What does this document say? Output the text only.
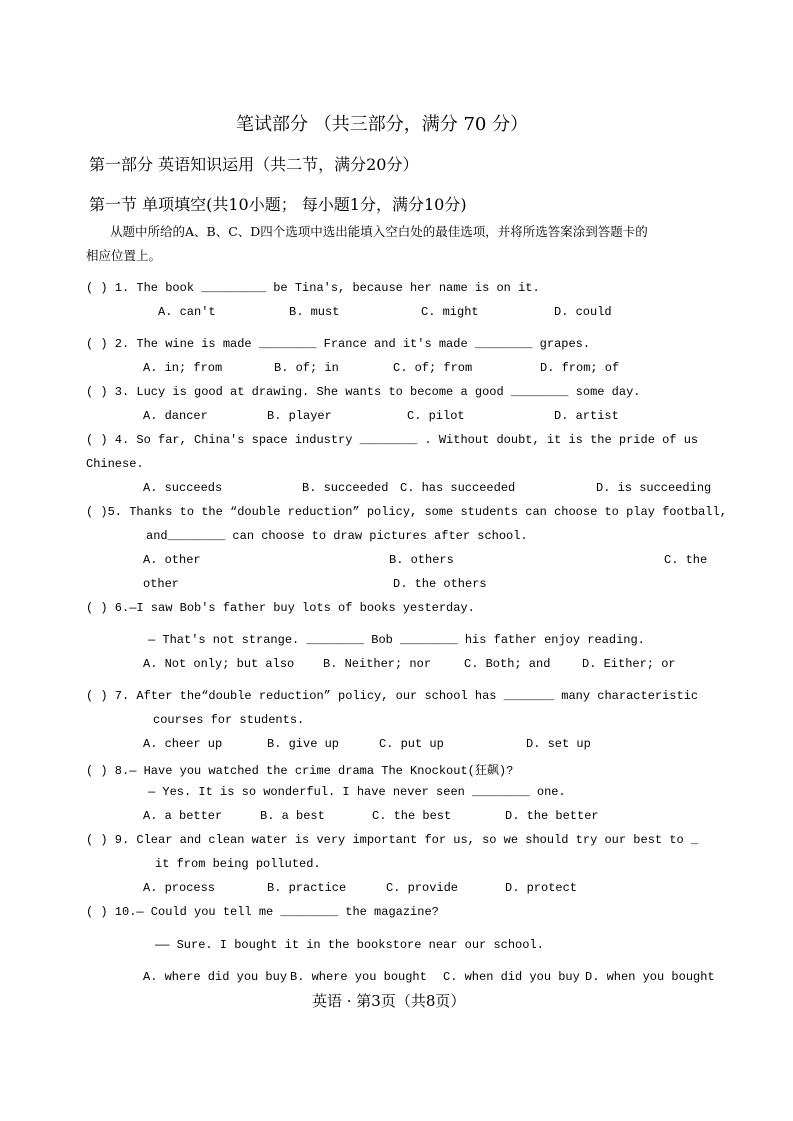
笔试部分 （共三部分，满分 70 分）
第一部分 英语知识运用（共二节，满分20分）
第一节 单项填空(共10小题； 每小题1分，满分10分)
从题中所给的A、B、C、D四个选项中选出能填入空白处的最佳选项，并将所选答案涂到答题卡的
相应位置上。
( ) 1. The book _________ be Tina's, because her name is on it.
A. can't	B. must	C. might	D. could
( ) 2. The wine is made ________ France and it's made ________ grapes.
A. in; from	B. of; in	C. of; from	D. from; of
( ) 3. Lucy is good at drawing. She wants to become a good ________ some day.
A. dancer	B. player	C. pilot	D. artist
( ) 4. So far, China's space industry ________ . Without doubt, it is the pride of us
Chinese.
A. succeeds	B. succeeded C. has succeeded	D. is succeeding
( )5. Thanks to the “double reduction” policy, some students can choose to play football,
and________ can choose to draw pictures after school.
A. other	B. others	C. the
other	D. the others
( ) 6.—I saw Bob's father buy lots of books yesterday.
— That's not strange. ________ Bob ________ his father enjoy reading.
A. Not only; but also B. Neither; nor	C. Both; and	D. Either; or
( ) 7. After the“double reduction” policy, our school has _______ many characteristic
courses for students.
A. cheer up	B. give up	C. put up	D. set up
( ) 8.— Have you watched the crime drama The Knockout(狂飙)?
— Yes. It is so wonderful. I have never seen ________ one.
A. a better	B. a best	C. the best	D. the better
( ) 9. Clear and clean water is very important for us, so we should try our best to _
it from being polluted.
A. process	B. practice	C. provide	D. protect
( ) 10.— Could you tell me ________ the magazine?
—— Sure. I bought it in the bookstore near our school.
A. where did you buy B. where you bought C. when did you buy D. when you bought
英语 · 第3页（共8页）
